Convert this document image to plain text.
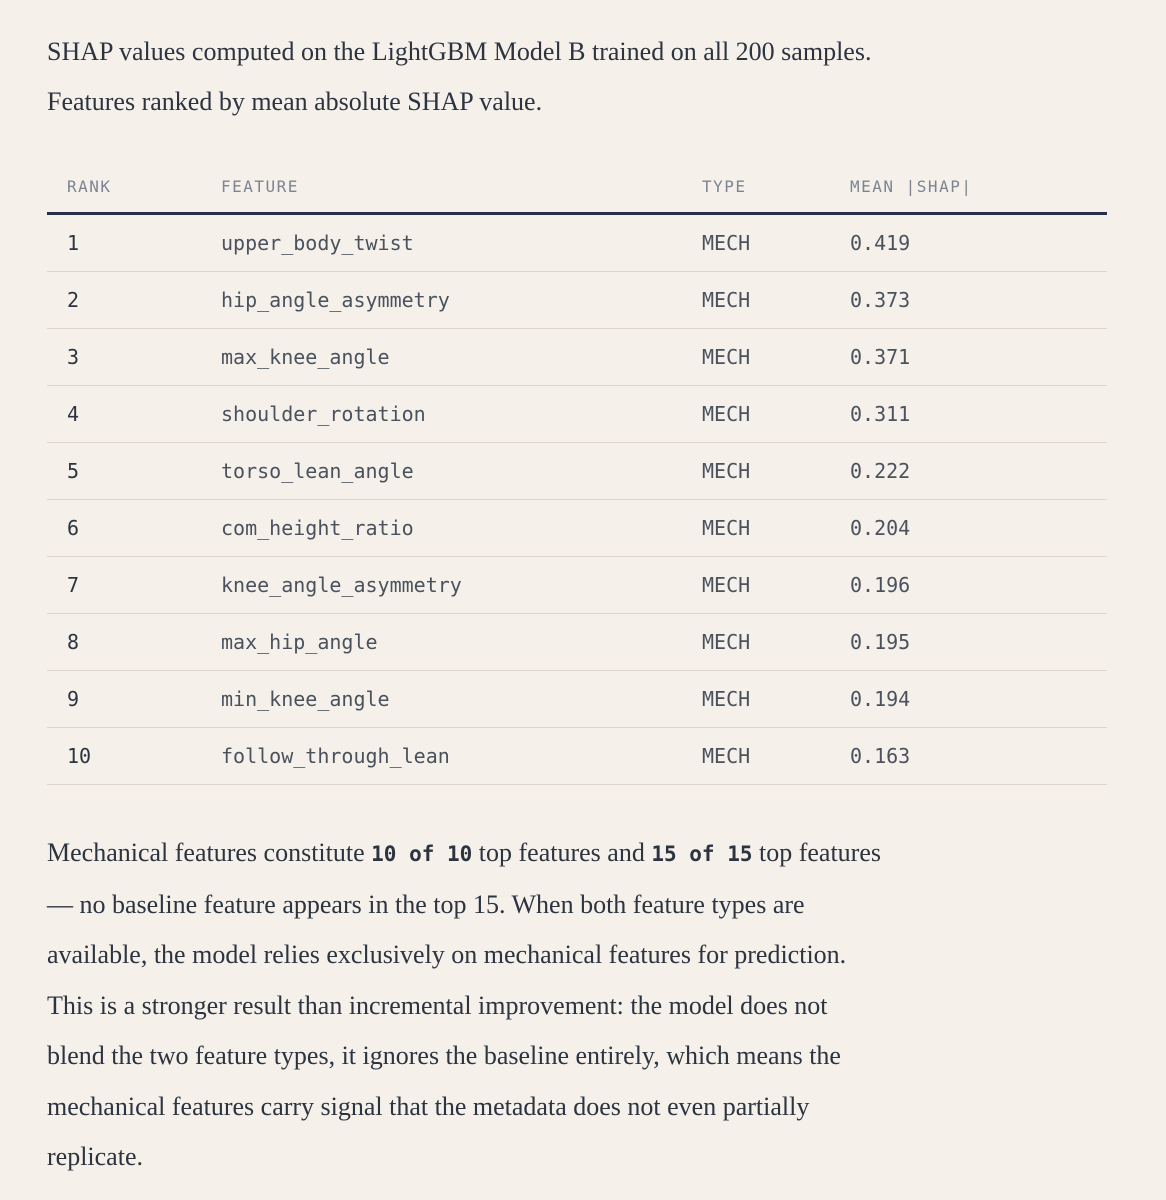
SHAP values computed on the LightGBM Model B trained on all 200 samples.
Features ranked by mean absolute SHAP value.

RANK	FEATURE	TYPE	MEAN |SHAP|
1	upper_body_twist	MECH	0.419
2	hip_angle_asymmetry	MECH	0.373
3	max_knee_angle	MECH	0.371
4	shoulder_rotation	MECH	0.311
5	torso_lean_angle	MECH	0.222
6	com_height_ratio	MECH	0.204
7	knee_angle_asymmetry	MECH	0.196
8	max_hip_angle	MECH	0.195
9	min_knee_angle	MECH	0.194
10	follow_through_lean	MECH	0.163

Mechanical features constitute 10 of 10 top features and 15 of 15 top features
— no baseline feature appears in the top 15. When both feature types are
available, the model relies exclusively on mechanical features for prediction.
This is a stronger result than incremental improvement: the model does not
blend the two feature types, it ignores the baseline entirely, which means the
mechanical features carry signal that the metadata does not even partially
replicate.
